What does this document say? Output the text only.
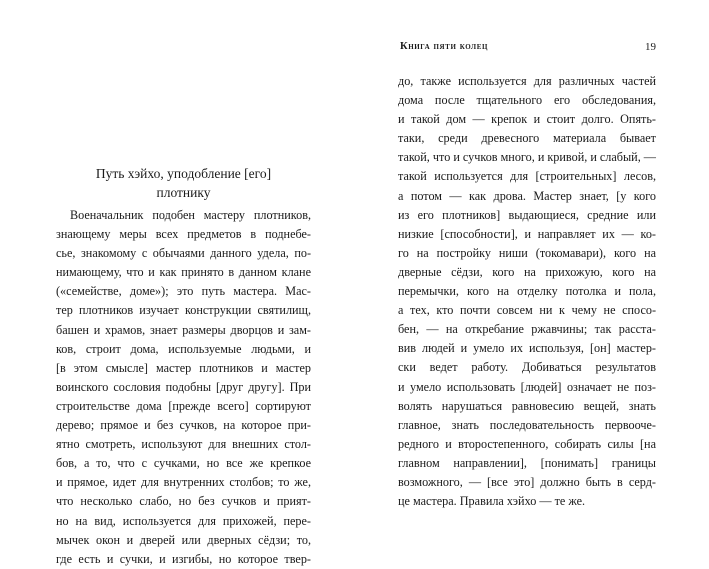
Путь хэйхо, уподобление [его]
плотнику
Военачальник подобен мастеру плотников,
знающему меры всех предметов в поднебе-
сье, знакомому с обычаями данного удела, по-
нимающему, что и как принято в данном клане
(«семействе, доме»); это путь мастера. Мас-
тер плотников изучает конструкции святилищ,
башен и храмов, знает размеры дворцов и зам-
ков, строит дома, используемые людьми, и
[в этом смысле] мастер плотников и мастер
воинского сословия подобны [друг другу]. При
строительстве дома [прежде всего] сортируют
дерево; прямое и без сучков, на которое при-
ятно смотреть, используют для внешних стол-
бов, а то, что с сучками, но все же крепкое
и прямое, идет для внутренних столбов; то же,
что несколько слабо, но без сучков и прият-
но на вид, используется для прихожей, пере-
мычек окон и дверей или дверных сёдзи; то,
где есть и сучки, и изгибы, но которое твер-
Книга пяти колец	19
до, также используется для различных частей
дома после тщательного его обследования,
и такой дом — крепок и стоит долго. Опять-
таки, среди древесного материала бывает
такой, что и сучков много, и кривой, и слабый, —
такой используется для [строительных] лесов,
а потом — как дрова. Мастер знает, [у кого
из его плотников] выдающиеся, средние или
низкие [способности], и направляет их — ко-
го на постройку ниши (токомавари), кого на
дверные сёдзи, кого на прихожую, кого на
перемычки, кого на отделку потолка и пола,
а тех, кто почти совсем ни к чему не спосо-
бен, — на откребание ржавчины; так расста-
вив людей и умело их используя, [он] мастер-
ски ведет работу. Добиваться результатов
и умело использовать [людей] означает не поз-
волять нарушаться равновесию вещей, знать
главное, знать последовательность первооче-
редного и второстепенного, собирать силы [на
главном направлении], [понимать] границы
возможного, — [все это] должно быть в серд-
це мастера. Правила хэйхо — те же.
